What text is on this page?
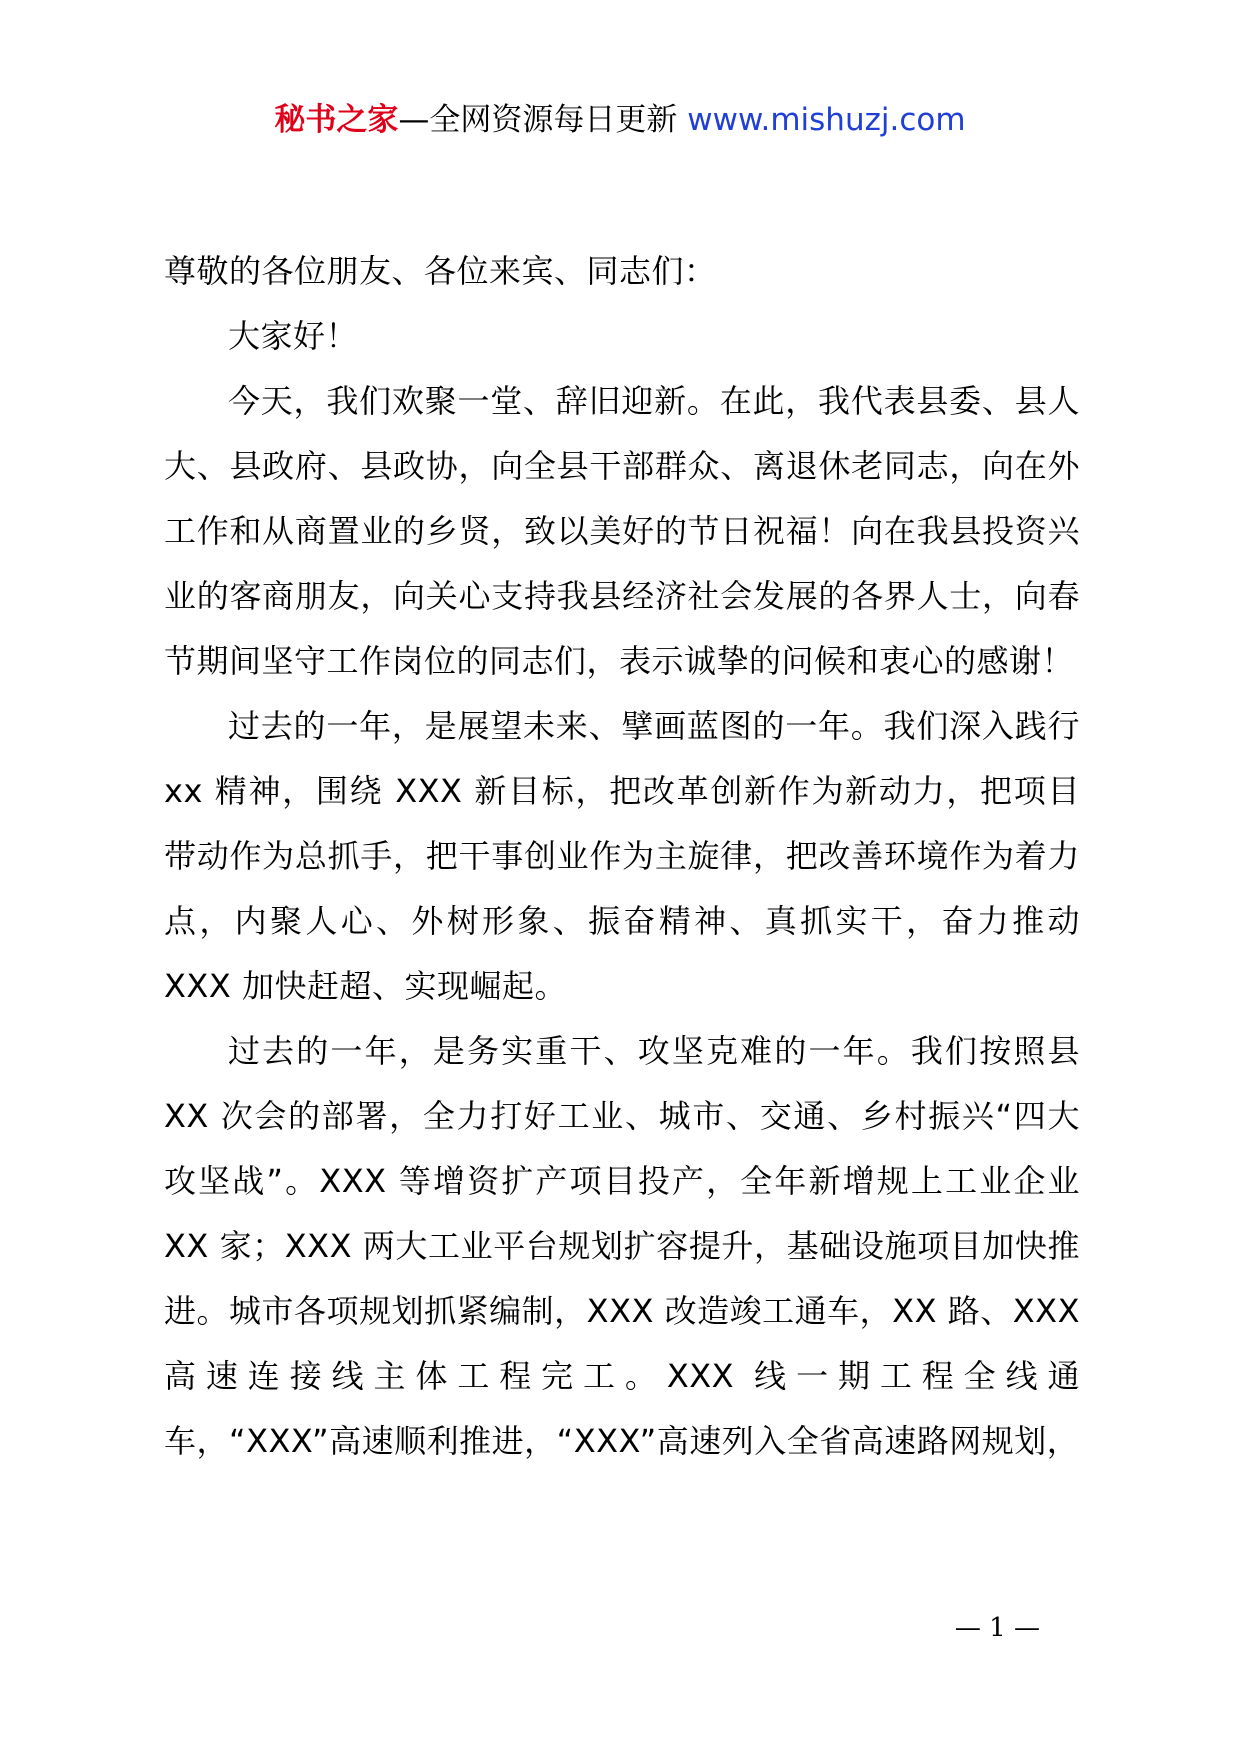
秘书之家—全网资源每日更新 www.mishuzj.com

尊敬的各位朋友、各位来宾、同志们：

大家好！

今天，我们欢聚一堂、辞旧迎新。在此，我代表县委、县人大、县政府、县政协，向全县干部群众、离退休老同志，向在外工作和从商置业的乡贤，致以美好的节日祝福！向在我县投资兴业的客商朋友，向关心支持我县经济社会发展的各界人士，向春节期间坚守工作岗位的同志们，表示诚挚的问候和衷心的感谢！

过去的一年，是展望未来、擘画蓝图的一年。我们深入践行 xx 精神，围绕 XXX 新目标，把改革创新作为新动力，把项目带动作为总抓手，把干事创业作为主旋律，把改善环境作为着力点，内聚人心、外树形象、振奋精神、真抓实干，奋力推动 XXX 加快赶超、实现崛起。

过去的一年，是务实重干、攻坚克难的一年。我们按照县 XX 次会的部署，全力打好工业、城市、交通、乡村振兴“四大攻坚战”。XXX 等增资扩产项目投产，全年新增规上工业企业 XX 家；XXX 两大工业平台规划扩容提升，基础设施项目加快推进。城市各项规划抓紧编制，XXX 改造竣工通车，XX 路、XXX 高速连接线主体工程完工。XXX 线一期工程全线通车，“XXX”高速顺利推进，“XXX”高速列入全省高速路网规划，

— 1 —
